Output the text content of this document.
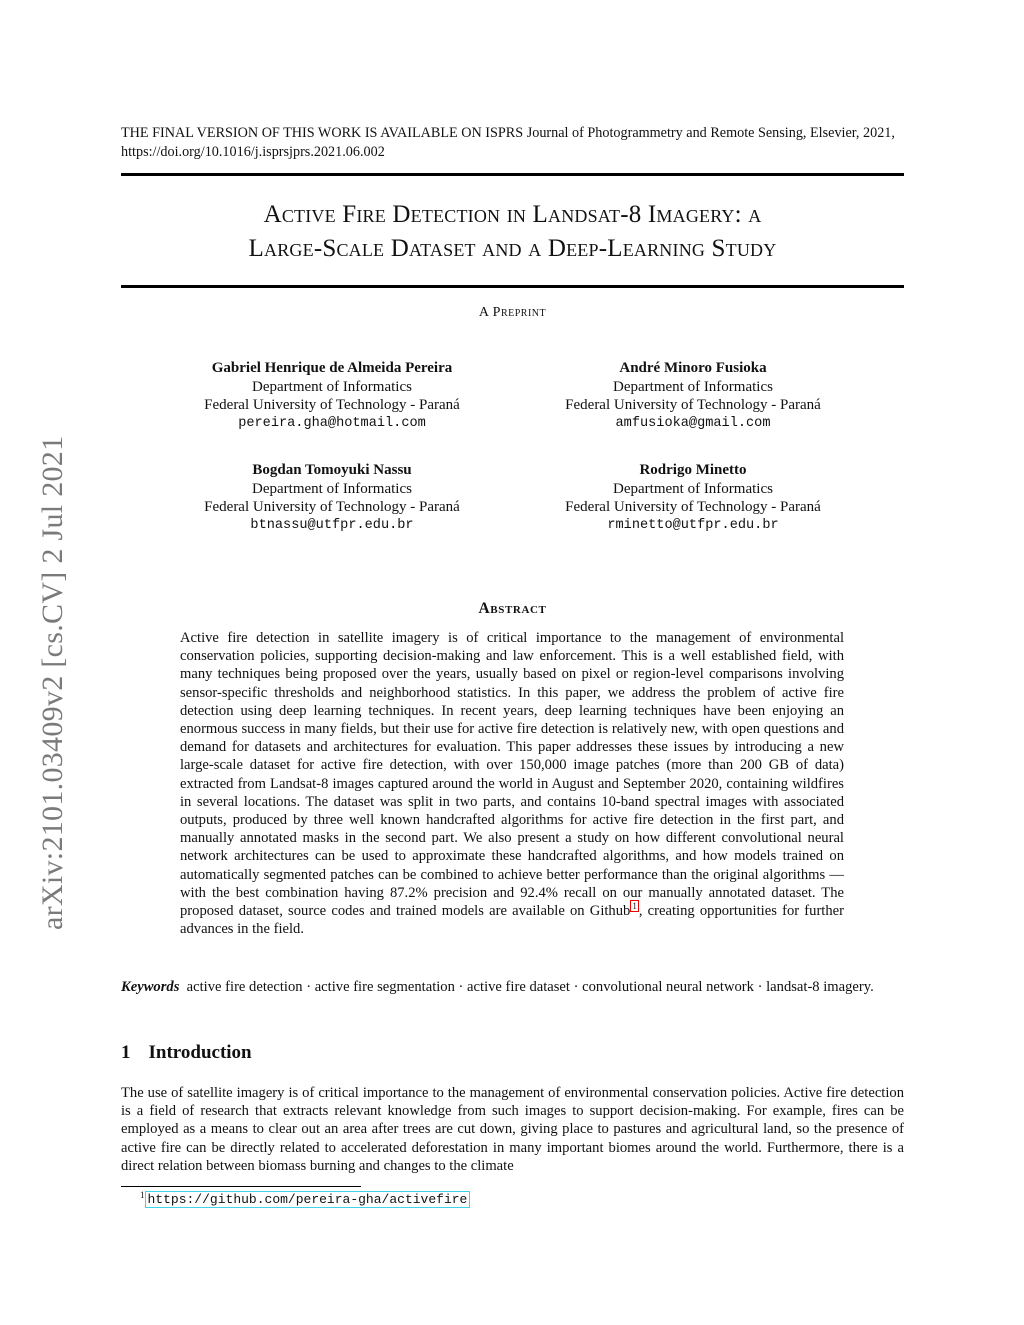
THE FINAL VERSION OF THIS WORK IS AVAILABLE ON ISPRS Journal of Photogrammetry and Remote Sensing, Elsevier, 2021, https://doi.org/10.1016/j.isprsjprs.2021.06.002
Active Fire Detection in Landsat-8 Imagery: a
Large-Scale Dataset and a Deep-Learning Study
A Preprint
Gabriel Henrique de Almeida Pereira
Department of Informatics
Federal University of Technology - Paraná
pereira.gha@hotmail.com
André Minoro Fusioka
Department of Informatics
Federal University of Technology - Paraná
amfusioka@gmail.com
Bogdan Tomoyuki Nassu
Department of Informatics
Federal University of Technology - Paraná
btnassu@utfpr.edu.br
Rodrigo Minetto
Department of Informatics
Federal University of Technology - Paraná
rminetto@utfpr.edu.br
arXiv:2101.03409v2 [cs.CV] 2 Jul 2021	Abstract
Active fire detection in satellite imagery is of critical importance to the management of environmental conservation policies, supporting decision-making and law enforcement. This is a well established field, with many techniques being proposed over the years, usually based on pixel or region-level comparisons involving sensor-specific thresholds and neighborhood statistics. In this paper, we address the problem of active fire detection using deep learning techniques. In recent years, deep learning techniques have been enjoying an enormous success in many fields, but their use for active fire detection is relatively new, with open questions and demand for datasets and architectures for evaluation. This paper addresses these issues by introducing a new large-scale dataset for active fire detection, with over 150,000 image patches (more than 200 GB of data) extracted from Landsat-8 images captured around the world in August and September 2020, containing wildfires in several locations. The dataset was split in two parts, and contains 10-band spectral images with associated outputs, produced by three well known handcrafted algorithms for active fire detection in the first part, and manually annotated masks in the second part. We also present a study on how different convolutional neural network architectures can be used to approximate these handcrafted algorithms, and how models trained on automatically segmented patches can be combined to achieve better performance than the original algorithms — with the best combination having 87.2% precision and 92.4% recall on our manually annotated dataset. The proposed dataset, source codes and trained models are available on Github $^1$ , creating opportunities for further advances in the field.
Keywords active fire detection · active fire segmentation · active fire dataset · convolutional neural network · landsat-8 imagery.
1 Introduction
The use of satellite imagery is of critical importance to the management of environmental conservation policies. Active fire detection is a field of research that extracts relevant knowledge from such images to support decision-making. For example, fires can be employed as a means to clear out an area after trees are cut down, giving place to pastures and agricultural land, so the presence of active fire can be directly related to accelerated deforestation in many important biomes around the world. Furthermore, there is a direct relation between biomass burning and changes to the climate
$^1$ https://github.com/pereira-gha/activefire
